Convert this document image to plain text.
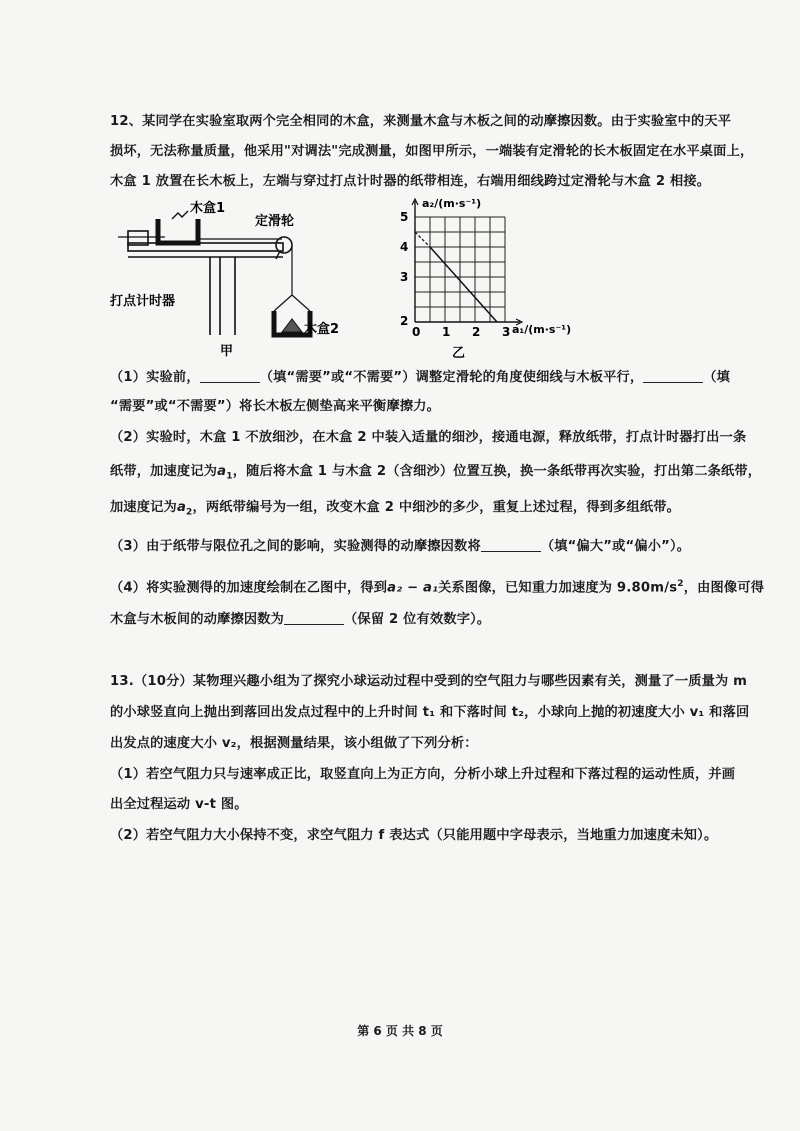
12、某同学在实验室取两个完全相同的木盒，来测量木盒与木板之间的动摩擦因数。由于实验室中的天平
损坏，无法称量质量，他采用"对调法"完成测量，如图甲所示，一端装有定滑轮的长木板固定在水平桌面上，
木盒 1 放置在长木板上，左端与穿过打点计时器的纸带相连，右端用细线跨过定滑轮与木盒 2 相接。
木盒1
定滑轮
打点计时器
木盒2
甲
5
4
3
2
0 1 2 3
a₂/(m·s⁻¹)
a₁/(m·s⁻¹)
乙
（1）实验前，	（填“需要”或“不需要”）调整定滑轮的角度使细线与木板平行，	（填
“需要”或“不需要”）将长木板左侧垫高来平衡摩擦力。
（2）实验时，木盒 1 不放细沙，在木盒 2 中装入适量的细沙，接通电源，释放纸带，打点计时器打出一条
纸带，加速度记为$a_1$，随后将木盒 1 与木盒 2（含细沙）位置互换，换一条纸带再次实验，打出第二条纸带，
加速度记为$a_2$，两纸带编号为一组，改变木盒 2 中细沙的多少，重复上述过程，得到多组纸带。
（3）由于纸带与限位孔之间的影响，实验测得的动摩擦因数将	（填“偏大”或“偏小”）。
（4）将实验测得的加速度绘制在乙图中，得到a₂ − a₁关系图像，已知重力加速度为 $9.80m/s^2$，由图像可得
木盒与木板间的动摩擦因数为	（保留 2 位有效数字）。
13.（10分）某物理兴趣小组为了探究小球运动过程中受到的空气阻力与哪些因素有关，测量了一质量为 m
的小球竖直向上抛出到落回出发点过程中的上升时间 t₁ 和下落时间 t₂，小球向上抛的初速度大小 v₁ 和落回
出发点的速度大小 v₂，根据测量结果，该小组做了下列分析：
（1）若空气阻力只与速率成正比，取竖直向上为正方向，分析小球上升过程和下落过程的运动性质，并画
出全过程运动 v-t 图。
（2）若空气阻力大小保持不变，求空气阻力 f 表达式（只能用题中字母表示，当地重力加速度未知）。
第 6 页 共 8 页
